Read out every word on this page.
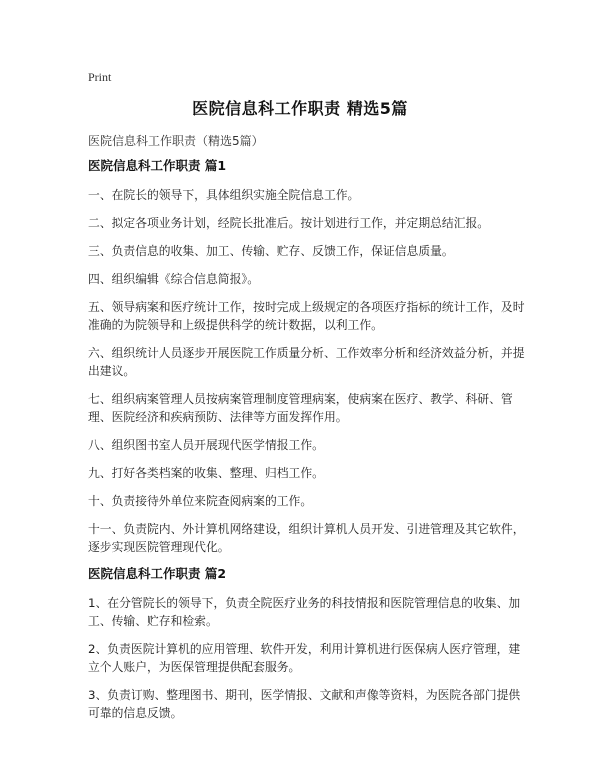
Print
医院信息科工作职责 精选5篇
医院信息科工作职责（精选5篇）
医院信息科工作职责 篇1

一、在院长的领导下，具体组织实施全院信息工作。

二、拟定各项业务计划，经院长批准后。按计划进行工作，并定期总结汇报。

三、负责信息的收集、加工、传输、贮存、反馈工作，保证信息质量。

四、组织编辑《综合信息简报》。

五、领导病案和医疗统计工作，按时完成上级规定的各项医疗指标的统计工作，及时准确的为院领导和上级提供科学的统计数据，以利工作。

六、组织统计人员逐步开展医院工作质量分析、工作效率分析和经济效益分析，并提出建议。

七、组织病案管理人员按病案管理制度管理病案，使病案在医疗、教学、科研、管理、医院经济和疾病预防、法律等方面发挥作用。

八、组织图书室人员开展现代医学情报工作。

九、打好各类档案的收集、整理、归档工作。

十、负责接待外单位来院查阅病案的工作。

十一、负责院内、外计算机网络建设，组织计算机人员开发、引进管理及其它软件，逐步实现医院管理现代化。

医院信息科工作职责 篇2

1、在分管院长的领导下，负责全院医疗业务的科技情报和医院管理信息的收集、加工、传输、贮存和检索。

2、负责医院计算机的应用管理、软件开发，利用计算机进行医保病人医疗管理，建立个人账户，为医保管理提供配套服务。

3、负责订购、整理图书、期刊，医学情报、文献和声像等资料，为医院各部门提供可靠的信息反馈。
